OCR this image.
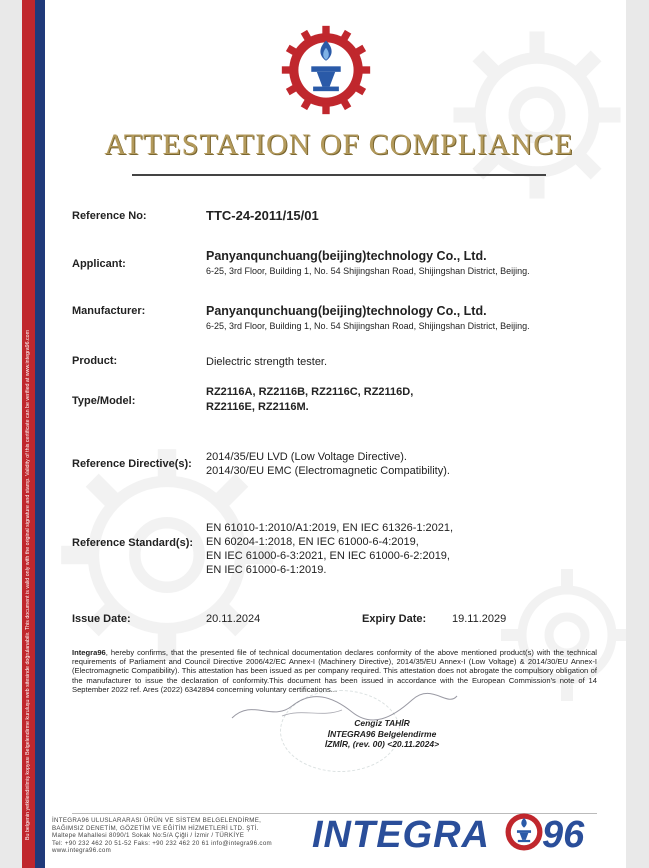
Bu belgenin yetkilendirilmiş kopyası Belgelendirme kuruluşu web sitesinde doğrulanabilir. This document is valid only with the original signature and stamp. Validity of this certificate can be verified at www.integra96.com
ATTESTATION OF COMPLIANCE
Reference No:	TTC-24-2011/15/01
Applicant:
Panyanqunchuang(beijing)technology Co., Ltd.
6-25, 3rd Floor, Building 1, No. 54 Shijingshan Road, Shijingshan District, Beijing.
Manufacturer:	Panyanqunchuang(beijing)technology Co., Ltd.
6-25, 3rd Floor, Building 1, No. 54 Shijingshan Road, Shijingshan District, Beijing.
Product:	Dielectric strength tester.
Type/Model:
RZ2116A, RZ2116B, RZ2116C, RZ2116D,
RZ2116E, RZ2116M.
Reference Directive(s):
2014/35/EU LVD (Low Voltage Directive).
2014/30/EU EMC (Electromagnetic Compatibility).
Reference Standard(s):
EN 61010-1:2010/A1:2019, EN IEC 61326-1:2021,
EN 60204-1:2018, EN IEC 61000-6-4:2019,
EN IEC 61000-6-3:2021, EN IEC 61000-6-2:2019,
EN IEC 61000-6-1:2019.
Issue Date:	20.11.2024	Expiry Date: 19.11.2029
Integra96, hereby confirms, that the presented file of technical documentation declares conformity of the above mentioned product(s) with the technical requirements of Parliament and Council Directive 2006/42/EC Annex-I (Machinery Directive), 2014/35/EU Annex-I (Low Voltage) & 2014/30/EU Annex-I (Electromagnetic Compatibility). This attestation has been issued as per company required. This attestation does not abrogate the compulsory obligation of the manufacturer to issue the declaration of conformity.This document has been issued in accordance with the European Commission's note of 14 September 2022 ref. Ares (2022) 6342894 concerning voluntary certifications...
Cengiz TAHİR
İNTEGRA96 Belgelendirme
İZMİR, (rev. 00) <20.11.2024>
İNTEGRA96 ULUSLARARASI ÜRÜN VE SİSTEM BELGELENDİRME,
BAĞIMSIZ DENETİM, GÖZETİM VE EĞİTİM HİZMETLERİ LTD. ŞTİ.
Maltepe Mahallesi 8090/1 Sokak No:5/A Çiğli / İzmir / TÜRKİYE
Tel: +90 232 462 20 51-52 Faks: +90 232 462 20 61 info@integra96.com www.integra96.com	INTEGRA 96
